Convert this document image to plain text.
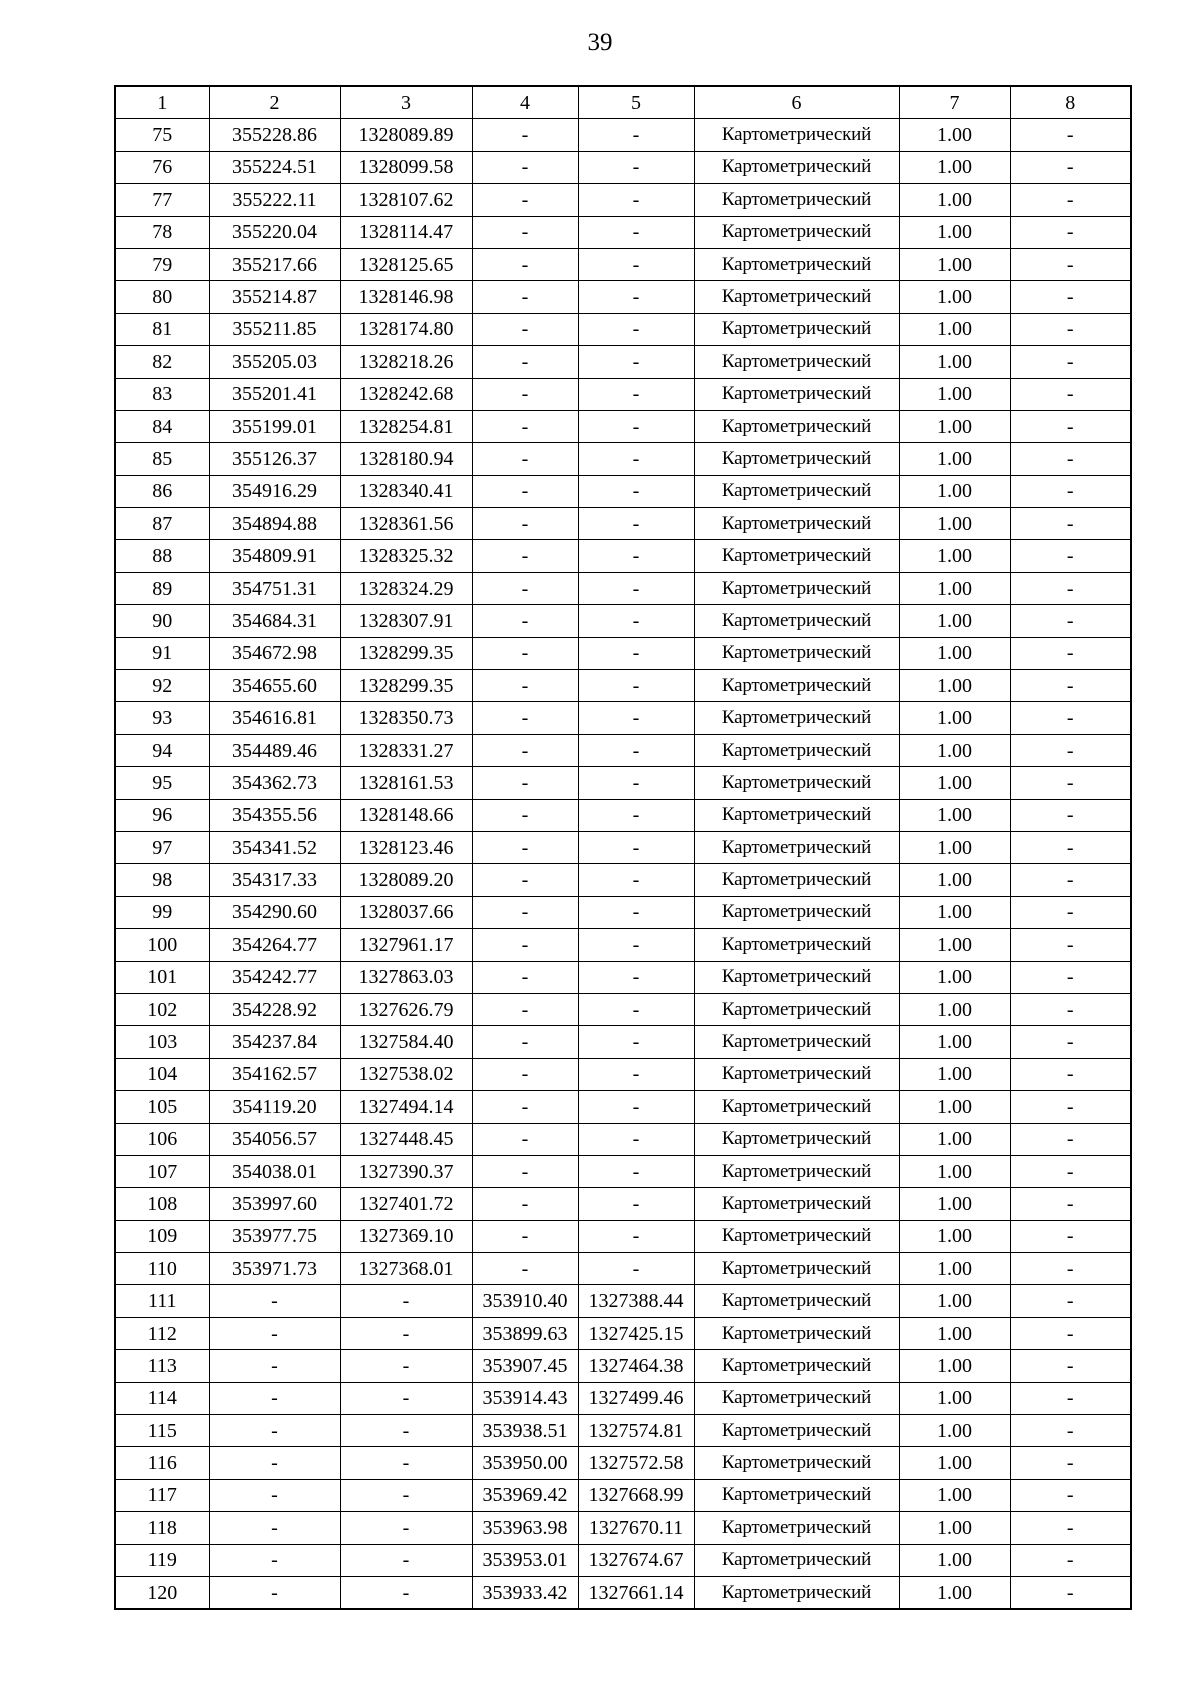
39
1	2	3	4	5	6	7	8
75	355228.86	1328089.89	-	-	Картометрический	1.00	-
76	355224.51	1328099.58	-	-	Картометрический	1.00	-
77	355222.11	1328107.62	-	-	Картометрический	1.00	-
78	355220.04	1328114.47	-	-	Картометрический	1.00	-
79	355217.66	1328125.65	-	-	Картометрический	1.00	-
80	355214.87	1328146.98	-	-	Картометрический	1.00	-
81	355211.85	1328174.80	-	-	Картометрический	1.00	-
82	355205.03	1328218.26	-	-	Картометрический	1.00	-
83	355201.41	1328242.68	-	-	Картометрический	1.00	-
84	355199.01	1328254.81	-	-	Картометрический	1.00	-
85	355126.37	1328180.94	-	-	Картометрический	1.00	-
86	354916.29	1328340.41	-	-	Картометрический	1.00	-
87	354894.88	1328361.56	-	-	Картометрический	1.00	-
88	354809.91	1328325.32	-	-	Картометрический	1.00	-
89	354751.31	1328324.29	-	-	Картометрический	1.00	-
90	354684.31	1328307.91	-	-	Картометрический	1.00	-
91	354672.98	1328299.35	-	-	Картометрический	1.00	-
92	354655.60	1328299.35	-	-	Картометрический	1.00	-
93	354616.81	1328350.73	-	-	Картометрический	1.00	-
94	354489.46	1328331.27	-	-	Картометрический	1.00	-
95	354362.73	1328161.53	-	-	Картометрический	1.00	-
96	354355.56	1328148.66	-	-	Картометрический	1.00	-
97	354341.52	1328123.46	-	-	Картометрический	1.00	-
98	354317.33	1328089.20	-	-	Картометрический	1.00	-
99	354290.60	1328037.66	-	-	Картометрический	1.00	-
100	354264.77	1327961.17	-	-	Картометрический	1.00	-
101	354242.77	1327863.03	-	-	Картометрический	1.00	-
102	354228.92	1327626.79	-	-	Картометрический	1.00	-
103	354237.84	1327584.40	-	-	Картометрический	1.00	-
104	354162.57	1327538.02	-	-	Картометрический	1.00	-
105	354119.20	1327494.14	-	-	Картометрический	1.00	-
106	354056.57	1327448.45	-	-	Картометрический	1.00	-
107	354038.01	1327390.37	-	-	Картометрический	1.00	-
108	353997.60	1327401.72	-	-	Картометрический	1.00	-
109	353977.75	1327369.10	-	-	Картометрический	1.00	-
110	353971.73	1327368.01	-	-	Картометрический	1.00	-
111	-	-	353910.40	1327388.44	Картометрический	1.00	-
112	-	-	353899.63	1327425.15	Картометрический	1.00	-
113	-	-	353907.45	1327464.38	Картометрический	1.00	-
114	-	-	353914.43	1327499.46	Картометрический	1.00	-
115	-	-	353938.51	1327574.81	Картометрический	1.00	-
116	-	-	353950.00	1327572.58	Картометрический	1.00	-
117	-	-	353969.42	1327668.99	Картометрический	1.00	-
118	-	-	353963.98	1327670.11	Картометрический	1.00	-
119	-	-	353953.01	1327674.67	Картометрический	1.00	-
120	-	-	353933.42	1327661.14	Картометрический	1.00	-
